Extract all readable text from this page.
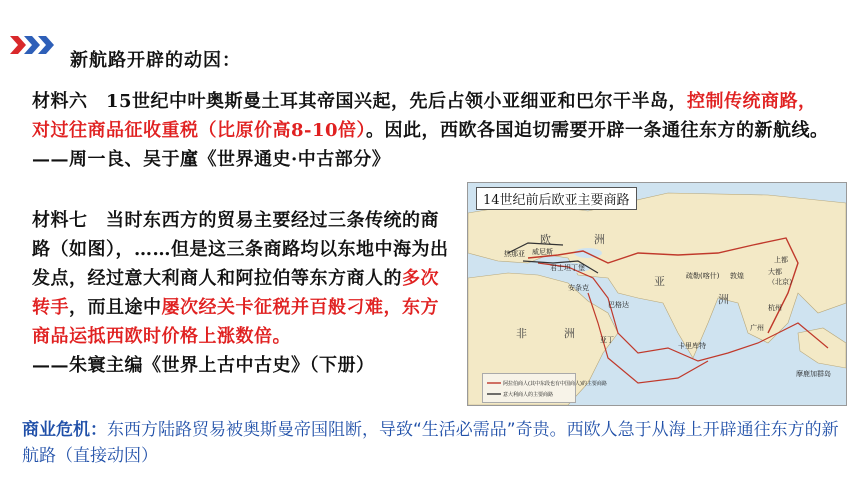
新航路开辟的动因：
材料六　15世纪中叶奥斯曼土耳其帝国兴起，先后占领小亚细亚和巴尔干半岛，控制传统商路，对过往商品征收重税（比原价高8-10倍）。因此，西欧各国迫切需要开辟一条通往东方的新航线。　——周一良、吴于廑《世界通史·中古部分》
材料七　当时东西方的贸易主要经过三条传统的商路（如图），……但是这三条商路均以东地中海为出发点，经过意大利商人和阿拉伯等东方商人的多次转手，而且途中屡次经关卡征税并百般刁难，东方商品运抵西欧时价格上涨数倍。
——朱寰主编《世界上古中古史》（下册）
14世纪前后欧亚主要商路
欧	洲
亚
洲
非	洲
热那亚 威尼斯
君士坦丁堡
安条克
巴格达
亚丁
疏勒(喀什) 敦煌
上都
大都
（北京）
杭州
广州
卡里库特
摩鹿加群岛
阿拉伯商人(其中东段也有中国商人)的主要商路
意大利商人的主要商路
商业危机：东西方陆路贸易被奥斯曼帝国阻断，导致“生活必需品”奇贵。西欧人急于从海上开辟通往东方的新航路（直接动因）
